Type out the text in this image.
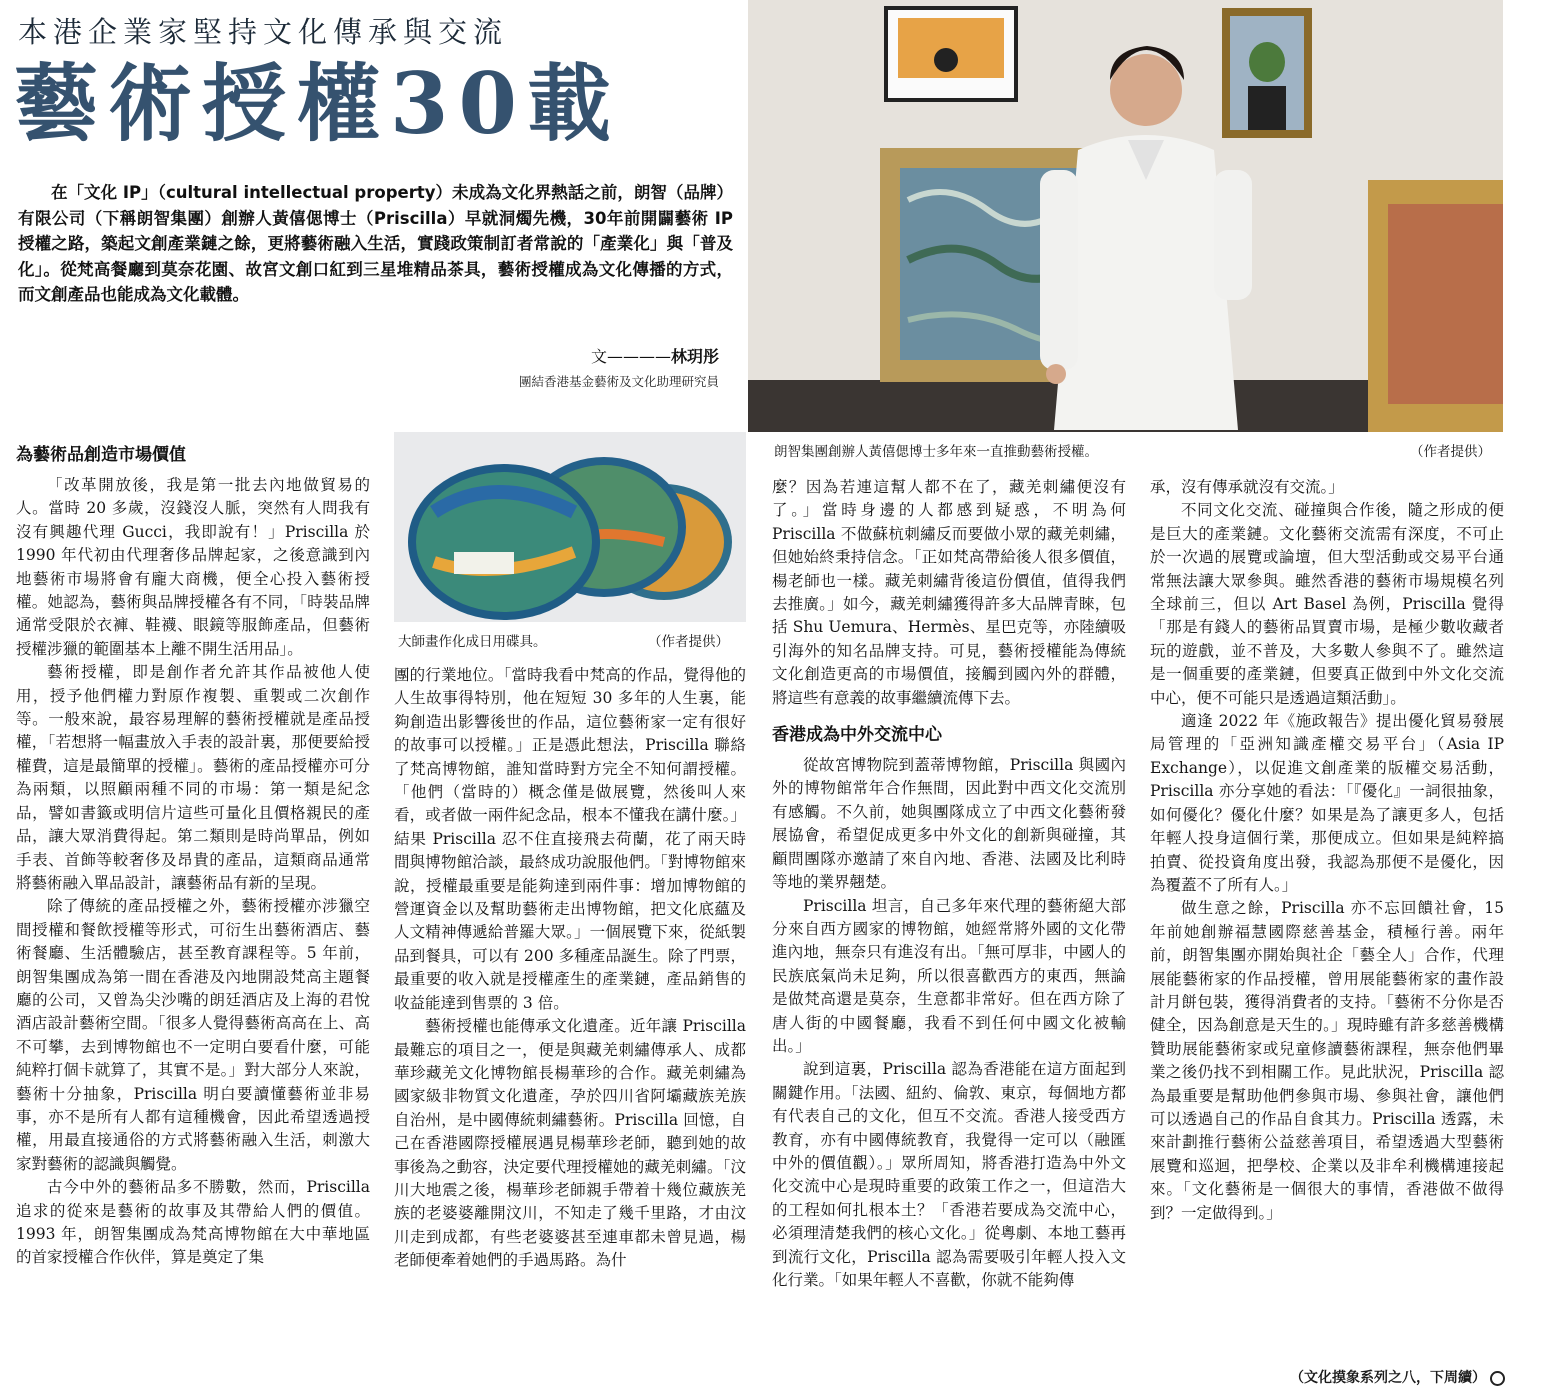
本港企業家堅持文化傳承與交流
藝術授權30載

在「文化 IP」（cultural intellectual property）未成為文化界熱話之前，朗智（品牌）有限公司（下稱朗智集團）創辦人黃僖偲博士（Priscilla）早就洞燭先機，30年前開闢藝術 IP 授權之路，築起文創產業鏈之餘，更將藝術融入生活，實踐政策制訂者常說的「產業化」與「普及化」。從梵高餐廳到莫奈花園、故宮文創口紅到三星堆精品茶具，藝術授權成為文化傳播的方式，而文創產品也能成為文化載體。

文————林玥彤
團結香港基金藝術及文化助理研究員
朗智集團創辦人黃僖偲博士多年來一直推動藝術授權。	（作者提供）
大師畫作化成日用碟具。	（作者提供）
為藝術品創造市場價值

「改革開放後，我是第一批去內地做貿易的人。當時 20 多歲，沒錢沒人脈，突然有人問我有沒有興趣代理 Gucci，我即說有！」Priscilla 於 1990 年代初由代理奢侈品牌起家，之後意識到內地藝術市場將會有龐大商機，便全心投入藝術授權。她認為，藝術與品牌授權各有不同，「時裝品牌通常受限於衣褲、鞋襪、眼鏡等服飾產品，但藝術授權涉獵的範圍基本上離不開生活用品」。

藝術授權，即是創作者允許其作品被他人使用，授予他們權力對原作複製、重製或二次創作等。一般來說，最容易理解的藝術授權就是產品授權，「若想將一幅畫放入手表的設計裏，那便要給授權費，這是最簡單的授權」。藝術的產品授權亦可分為兩類，以照顧兩種不同的市場：第一類是紀念品，譬如書籤或明信片這些可量化且價格親民的產品，讓大眾消費得起。第二類則是時尚單品，例如手表、首飾等較奢侈及昂貴的產品，這類商品通常將藝術融入單品設計，讓藝術品有新的呈現。

除了傳統的產品授權之外，藝術授權亦涉獵空間授權和餐飲授權等形式，可衍生出藝術酒店、藝術餐廳、生活體驗店，甚至教育課程等。5 年前，朗智集團成為第一間在香港及內地開設梵高主題餐廳的公司，又曾為尖沙嘴的朗廷酒店及上海的君悅酒店設計藝術空間。「很多人覺得藝術高高在上、高不可攀，去到博物館也不一定明白要看什麼，可能純粹打個卡就算了，其實不是。」對大部分人來說，藝術十分抽象，Priscilla 明白要讀懂藝術並非易事，亦不是所有人都有這種機會，因此希望透過授權，用最直接通俗的方式將藝術融入生活，刺激大家對藝術的認識與觸覺。

古今中外的藝術品多不勝數，然而，Priscilla 追求的從來是藝術的故事及其帶給人們的價值。1993 年，朗智集團成為梵高博物館在大中華地區的首家授權合作伙伴，算是奠定了集

團的行業地位。「當時我看中梵高的作品，覺得他的人生故事得特別，他在短短 30 多年的人生裏，能夠創造出影響後世的作品，這位藝術家一定有很好的故事可以授權。」正是憑此想法，Priscilla 聯絡了梵高博物館，誰知當時對方完全不知何謂授權。「他們（當時的）概念僅是做展覽，然後叫人來看，或者做一兩件紀念品，根本不懂我在講什麼。」結果 Priscilla 忍不住直接飛去荷蘭，花了兩天時間與博物館洽談，最終成功說服他們。「對博物館來說，授權最重要是能夠達到兩件事：增加博物館的營運資金以及幫助藝術走出博物館，把文化底蘊及人文精神傳遞給普羅大眾。」一個展覽下來，從紙製品到餐具，可以有 200 多種產品誕生。除了門票，最重要的收入就是授權產生的產業鏈，產品銷售的收益能達到售票的 3 倍。

藝術授權也能傳承文化遺產。近年讓 Priscilla 最難忘的項目之一，便是與藏羌刺繡傳承人、成都華珍藏羌文化博物館長楊華珍的合作。藏羌刺繡為國家級非物質文化遺產，孕於四川省阿壩藏族羌族自治州，是中國傳統刺繡藝術。Priscilla 回憶，自己在香港國際授權展遇見楊華珍老師，聽到她的故事後為之動容，決定要代理授權她的藏羌刺繡。「汶川大地震之後，楊華珍老師親手帶着十幾位藏族羌族的老婆婆離開汶川，不知走了幾千里路，才由汶川走到成都，有些老婆婆甚至連車都未曾見過，楊老師便牽着她們的手過馬路。為什

麼？因為若連這幫人都不在了，藏羌刺繡便沒有了。」當時身邊的人都感到疑惑，不明為何 Priscilla 不做蘇杭刺繡反而要做小眾的藏羌刺繡，但她始終秉持信念。「正如梵高帶給後人很多價值，楊老師也一樣。藏羌刺繡背後這份價值，值得我們去推廣。」如今，藏羌刺繡獲得許多大品牌青睞，包括 Shu Uemura、Hermès、星巴克等，亦陸續吸引海外的知名品牌支持。可見，藝術授權能為傳統文化創造更高的市場價值，接觸到國內外的群體，將這些有意義的故事繼續流傳下去。

香港成為中外交流中心

從故宮博物院到蓋蒂博物館，Priscilla 與國內外的博物館常年合作無間，因此對中西文化交流別有感觸。不久前，她與團隊成立了中西文化藝術發展協會，希望促成更多中外文化的創新與碰撞，其顧問團隊亦邀請了來自內地、香港、法國及比利時等地的業界翹楚。

Priscilla 坦言，自己多年來代理的藝術絕大部分來自西方國家的博物館，她經常將外國的文化帶進內地，無奈只有進沒有出。「無可厚非，中國人的民族底氣尚未足夠，所以很喜歡西方的東西，無論是做梵高還是莫奈，生意都非常好。但在西方除了唐人街的中國餐廳，我看不到任何中國文化被輸出。」

說到這裏，Priscilla 認為香港能在這方面起到關鍵作用。「法國、紐約、倫敦、東京，每個地方都有代表自己的文化，但互不交流。香港人接受西方教育，亦有中國傳統教育，我覺得一定可以（融匯中外的價值觀）。」眾所周知，將香港打造為中外文化交流中心是現時重要的政策工作之一，但這浩大的工程如何扎根本土？「香港若要成為交流中心，必須理清楚我們的核心文化。」從粵劇、本地工藝再到流行文化，Priscilla 認為需要吸引年輕人投入文化行業。「如果年輕人不喜歡，你就不能夠傳

承，沒有傳承就沒有交流。」

不同文化交流、碰撞與合作後，隨之形成的便是巨大的產業鏈。文化藝術交流需有深度，不可止於一次過的展覽或論壇，但大型活動或交易平台通常無法讓大眾參與。雖然香港的藝術市場規模名列全球前三，但以 Art Basel 為例，Priscilla 覺得「那是有錢人的藝術品買賣市場，是極少數收藏者玩的遊戲，並不普及，大多數人參與不了。雖然這是一個重要的產業鏈，但要真正做到中外文化交流中心，便不可能只是透過這類活動」。

適逢 2022 年《施政報告》提出優化貿易發展局管理的「亞洲知識產權交易平台」（Asia IP Exchange），以促進文創產業的版權交易活動，Priscilla 亦分享她的看法：「『優化』一詞很抽象，如何優化？優化什麼？如果是為了讓更多人，包括年輕人投身這個行業，那便成立。但如果是純粹搞拍賣、從投資角度出發，我認為那便不是優化，因為覆蓋不了所有人。」

做生意之餘，Priscilla 亦不忘回饋社會，15 年前她創辦福慧國際慈善基金，積極行善。兩年前，朗智集團亦開始與社企「藝全人」合作，代理展能藝術家的作品授權，曾用展能藝術家的畫作設計月餅包裝，獲得消費者的支持。「藝術不分你是否健全，因為創意是天生的。」現時雖有許多慈善機構贊助展能藝術家或兒童修讀藝術課程，無奈他們畢業之後仍找不到相關工作。見此狀況，Priscilla 認為最重要是幫助他們參與市場、參與社會，讓他們可以透過自己的作品自食其力。Priscilla 透露，未來計劃推行藝術公益慈善項目，希望透過大型藝術展覽和巡迴，把學校、企業以及非牟利機構連接起來。「文化藝術是一個很大的事情，香港做不做得到？一定做得到。」

（文化摸象系列之八，下周續）
